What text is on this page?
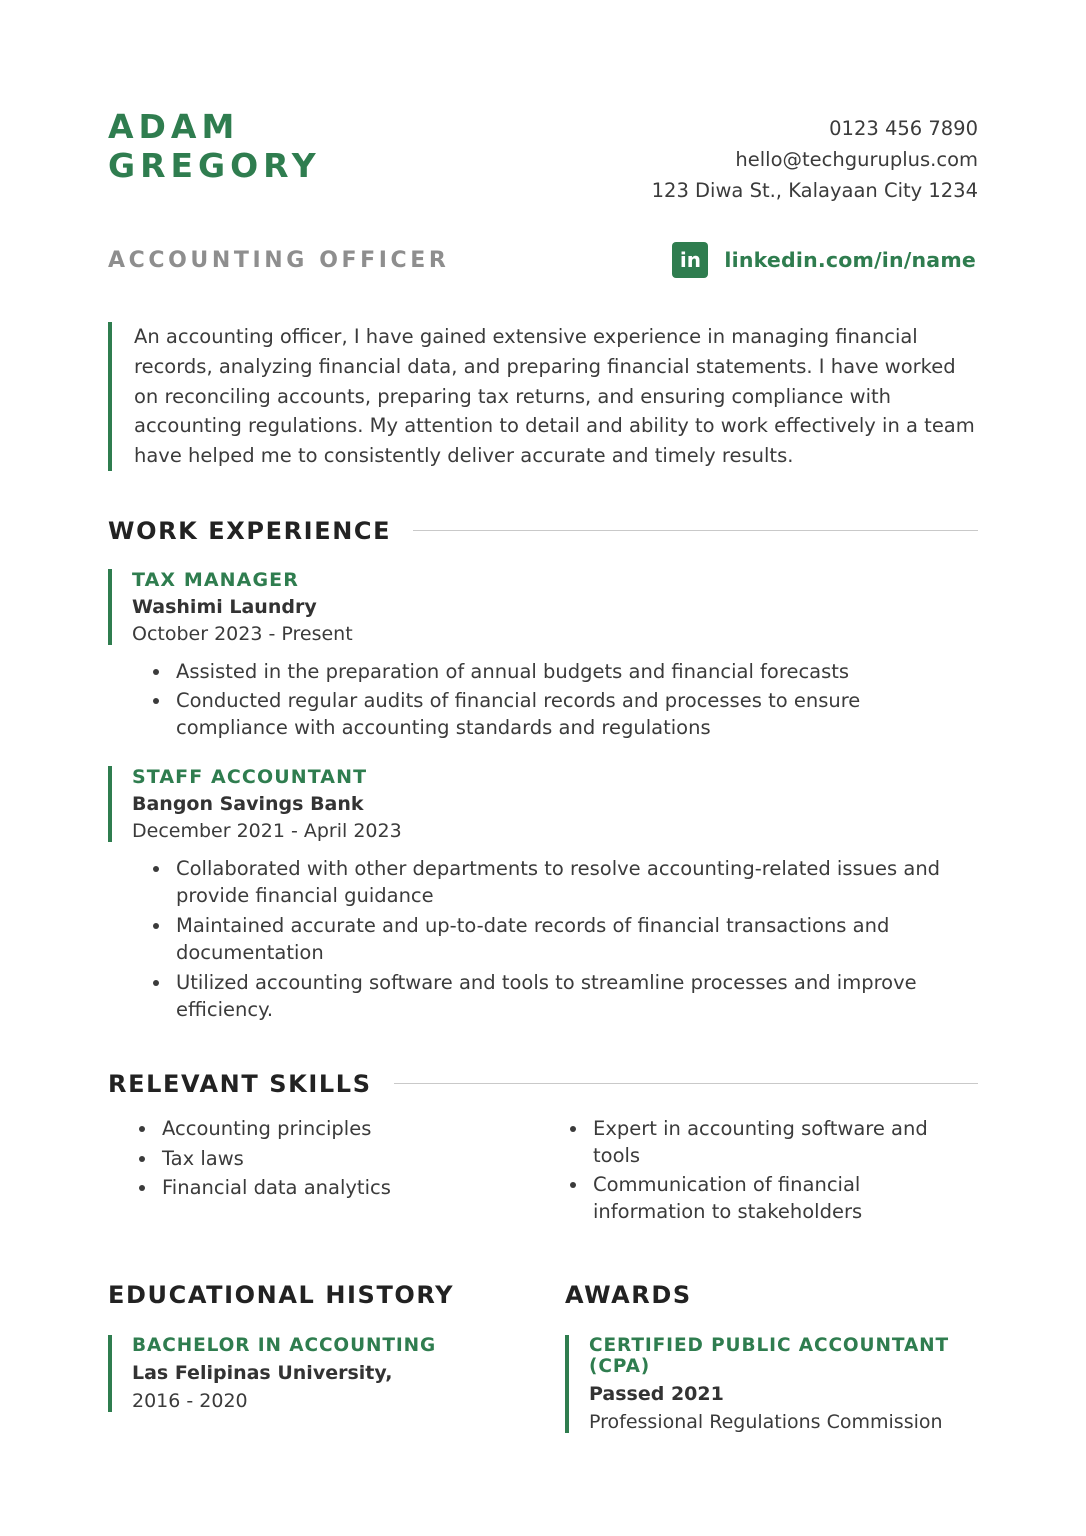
ADAM
GREGORY
0123 456 7890
hello@techguruplus.com
123 Diwa St., Kalayaan City 1234
ACCOUNTING OFFICER	in	linkedin.com/in/name

An accounting officer, I have gained extensive experience in managing financial records, analyzing financial data, and preparing financial statements. I have worked on reconciling accounts, preparing tax returns, and ensuring compliance with accounting regulations. My attention to detail and ability to work effectively in a team have helped me to consistently deliver accurate and timely results.

WORK EXPERIENCE
TAX MANAGER
Washimi Laundry
October 2023 - Present
• Assisted in the preparation of annual budgets and financial forecasts
• Conducted regular audits of financial records and processes to ensure compliance with accounting standards and regulations
STAFF ACCOUNTANT
Bangon Savings Bank
December 2021 - April 2023
• Collaborated with other departments to resolve accounting-related issues and provide financial guidance
• Maintained accurate and up-to-date records of financial transactions and documentation
• Utilized accounting software and tools to streamline processes and improve efficiency.
RELEVANT SKILLS
• Accounting principles
• Tax laws
• Financial data analytics
• Expert in accounting software and tools
• Communication of financial information to stakeholders
EDUCATIONAL HISTORY
BACHELOR IN ACCOUNTING
Las Felipinas University,
2016 - 2020
AWARDS
CERTIFIED PUBLIC ACCOUNTANT (CPA)
Passed 2021
Professional Regulations Commission
